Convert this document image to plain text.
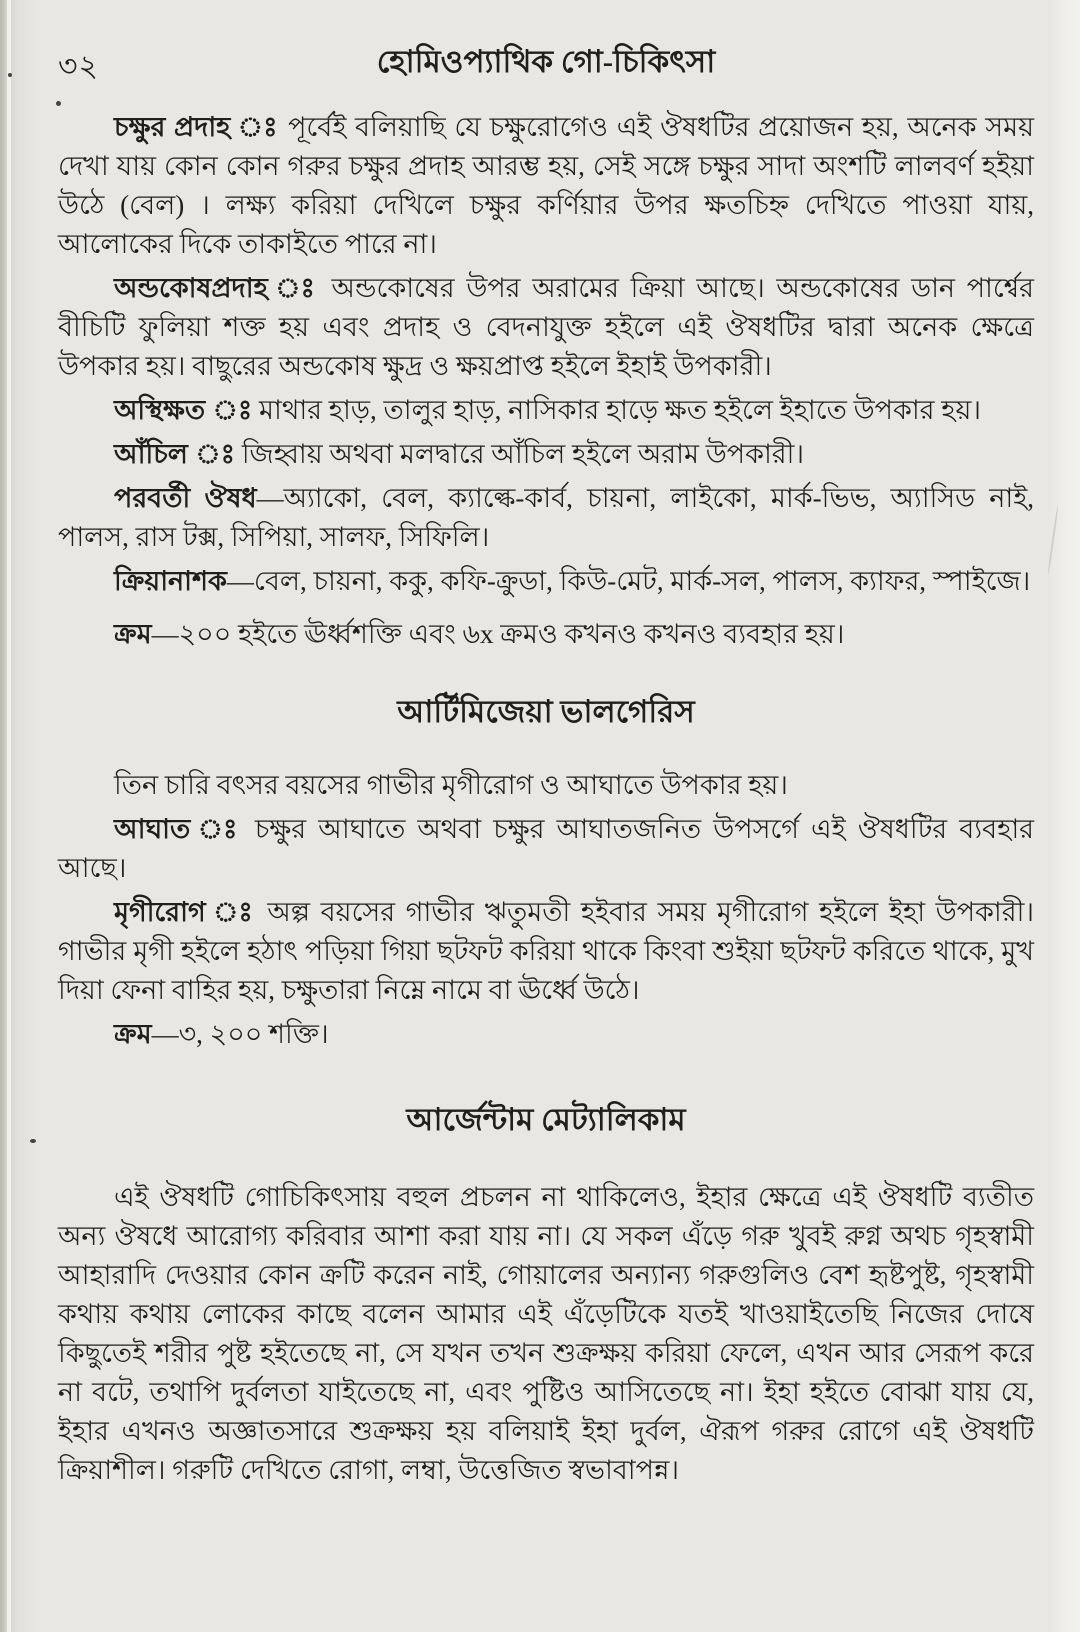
৩২	হোমিওপ্যাথিক গো-চিকিৎসা

চক্ষুর প্রদাহ ঃ পূর্বেই বলিয়াছি যে চক্ষুরোগেও এই ঔষধটির প্রয়োজন হয়, অনেক সময় দেখা যায় কোন কোন গরুর চক্ষুর প্রদাহ আরম্ভ হয়, সেই সঙ্গে চক্ষুর সাদা অংশটি লালবর্ণ হইয়া উঠে (বেল) । লক্ষ্য করিয়া দেখিলে চক্ষুর কর্ণিয়ার উপর ক্ষতচিহ্ন দেখিতে পাওয়া যায়, আলোকের দিকে তাকাইতে পারে না।

অন্ডকোষপ্রদাহ ঃ অন্ডকোষের উপর অরামের ক্রিয়া আছে। অন্ডকোষের ডান পার্শ্বের বীচিটি ফুলিয়া শক্ত হয় এবং প্রদাহ ও বেদনাযুক্ত হইলে এই ঔষধটির দ্বারা অনেক ক্ষেত্রে উপকার হয়। বাছুরের অন্ডকোষ ক্ষুদ্র ও ক্ষয়প্রাপ্ত হইলে ইহাই উপকারী।

অস্থিক্ষত ঃ মাথার হাড়, তালুর হাড়, নাসিকার হাড়ে ক্ষত হইলে ইহাতে উপকার হয়।

আঁচিল ঃ জিহ্বায় অথবা মলদ্বারে আঁচিল হইলে অরাম উপকারী।

পরবর্তী ঔষধ—অ্যাকো, বেল, ক্যাল্কে-কার্ব, চায়না, লাইকো, মার্ক-ভিভ, অ্যাসিড নাই, পালস, রাস টক্স, সিপিয়া, সালফ, সিফিলি।

ক্রিয়ানাশক—বেল, চায়না, ককু, কফি-ক্রুডা, কিউ-মেট, মার্ক-সল, পালস, ক্যাফর, স্পাইজে।

ক্রম—২০০ হইতে ঊর্ধ্বশক্তি এবং ৬x ক্রমও কখনও কখনও ব্যবহার হয়।

আর্টিমিজেয়া ভালগেরিস

তিন চারি বৎসর বয়সের গাভীর মৃগীরোগ ও আঘাতে উপকার হয়।

আঘাত ঃ চক্ষুর আঘাতে অথবা চক্ষুর আঘাতজনিত উপসর্গে এই ঔষধটির ব্যবহার আছে।

মৃগীরোগ ঃ অল্প বয়সের গাভীর ঋতুমতী হইবার সময় মৃগীরোগ হইলে ইহা উপকারী। গাভীর মৃগী হইলে হঠাৎ পড়িয়া গিয়া ছটফট করিয়া থাকে কিংবা শুইয়া ছটফট করিতে থাকে, মুখ দিয়া ফেনা বাহির হয়, চক্ষুতারা নিম্নে নামে বা ঊর্ধ্বে উঠে।

ক্রম—৩, ২০০ শক্তি।

আর্জেন্টাম মেট্যালিকাম

এই ঔষধটি গোচিকিৎসায় বহুল প্রচলন না থাকিলেও, ইহার ক্ষেত্রে এই ঔষধটি ব্যতীত অন্য ঔষধে আরোগ্য করিবার আশা করা যায় না। যে সকল এঁড়ে গরু খুবই রুগ্ন অথচ গৃহস্বামী আহারাদি দেওয়ার কোন ক্রটি করেন নাই, গোয়ালের অন্যান্য গরুগুলিও বেশ হৃষ্টপুষ্ট, গৃহস্বামী কথায় কথায় লোকের কাছে বলেন আমার এই এঁড়েটিকে যতই খাওয়াইতেছি নিজের দোষে কিছুতেই শরীর পুষ্ট হইতেছে না, সে যখন তখন শুক্রক্ষয় করিয়া ফেলে, এখন আর সেরূপ করে না বটে, তথাপি দুর্বলতা যাইতেছে না, এবং পুষ্টিও আসিতেছে না। ইহা হইতে বোঝা যায় যে, ইহার এখনও অজ্ঞাতসারে শুক্রক্ষয় হয় বলিয়াই ইহা দুর্বল, ঐরূপ গরুর রোগে এই ঔষধটি ক্রিয়াশীল। গরুটি দেখিতে রোগা, লম্বা, উত্তেজিত স্বভাবাপন্ন।
